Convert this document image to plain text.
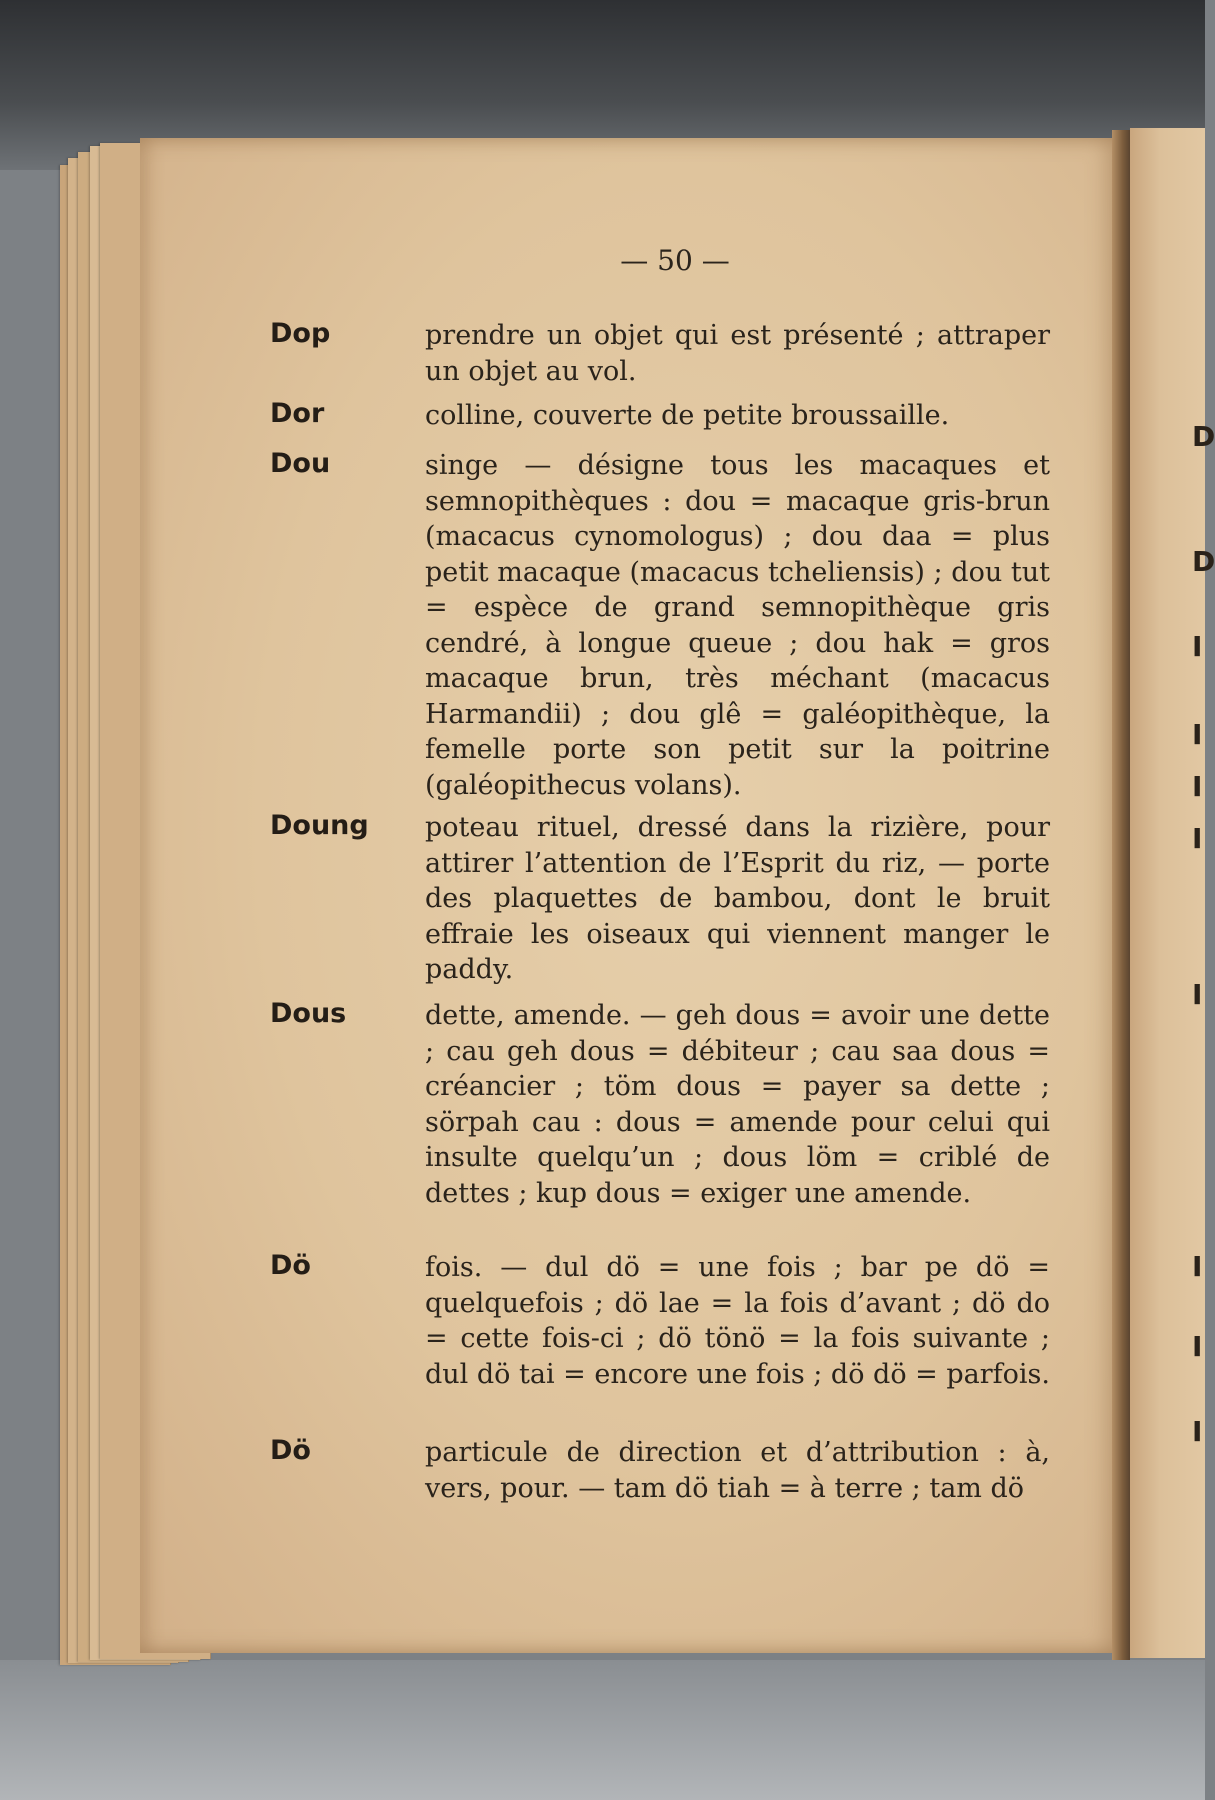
D
D
I
I
I
I
I
I
I
I
— 50 —
Dop	prendre un objet qui est présenté ; attraper un objet au vol.
Dor	colline, couverte de petite broussaille.
Dou	singe — désigne tous les macaques et semnopithèques : dou = macaque gris-brun (macacus cynomologus) ; dou daa = plus petit macaque (macacus tcheliensis) ; dou tut = espèce de grand semnopithèque gris cendré, à longue queue ; dou hak = gros macaque brun, très méchant (macacus Harmandii) ; dou glê = galéopithèque, la femelle porte son petit sur la poitrine (galéopithecus volans).
Doung	poteau rituel, dressé dans la rizière, pour attirer l’attention de l’Esprit du riz, — porte des plaquettes de bambou, dont le bruit effraie les oiseaux qui viennent manger le paddy.
Dous	dette, amende. — geh dous = avoir une dette ; cau geh dous = débiteur ; cau saa dous = créancier ; töm dous = payer sa dette ; sörpah cau : dous = amende pour celui qui insulte quelqu’un ; dous löm = criblé de dettes ; kup dous = exiger une amende.
Dö	fois. — dul dö = une fois ; bar pe dö = quelquefois ; dö lae = la fois d’avant ; dö do = cette fois-ci ; dö tönö = la fois suivante ; dul dö tai = encore une fois ; dö dö = parfois.
Dö	particule de direction et d’attribution : à, vers, pour. — tam dö tiah = à terre ; tam dö
